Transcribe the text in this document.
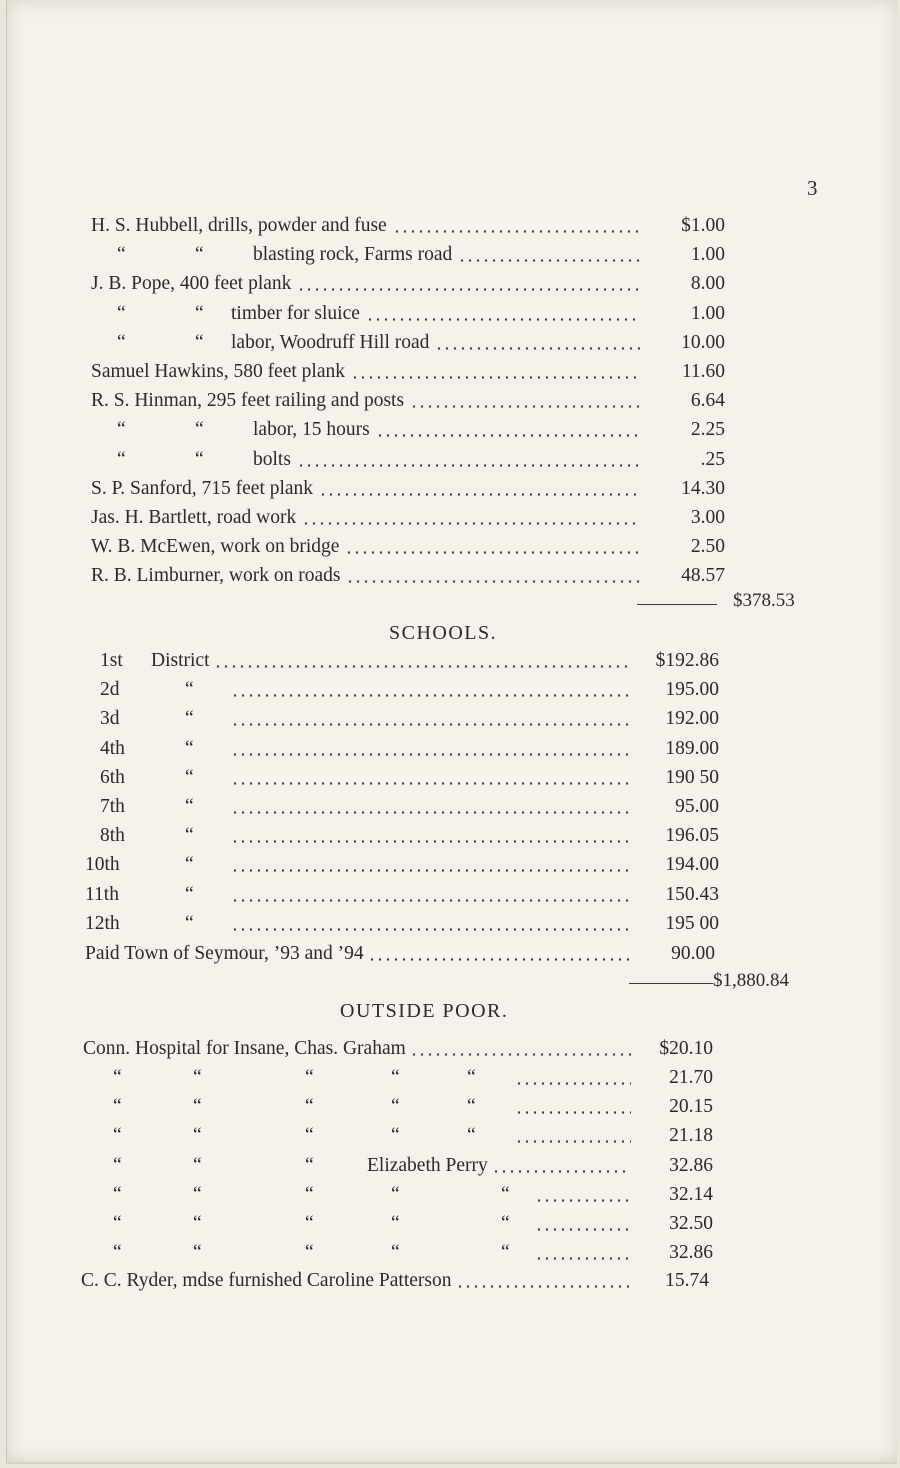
3
H. S. Hubbell, drills, powder and fuse	$1.00
“	“	blasting rock, Farms road	1.00
J. B. Pope, 400 feet plank	8.00
“	“ timber for sluice	1.00
“	“ labor, Woodruff Hill road	10.00
Samuel Hawkins, 580 feet plank	11.60
R. S. Hinman, 295 feet railing and posts	6.64
“	“	labor, 15 hours	2.25
“	“	bolts	.25
S. P. Sanford, 715 feet plank	14.30
Jas. H. Bartlett, road work	3.00
W. B. McEwen, work on bridge	2.50
R. B. Limburner, work on roads	48.57
$378.53
SCHOOLS.
1st District	$192.86
2d	“	195.00
3d	“	192.00
4th	“	189.00
6th	“	190 50
7th	“	95.00
8th	“	196.05
10th	“	194.00
11th	“	150.43
12th	“	195 00
Paid Town of Seymour, ’93 and ’94	90.00
$1,880.84
OUTSIDE POOR.
Conn. Hospital for Insane, Chas. Graham	$20.10
“	“	“	“	“	21.70
“	“	“	“	“	20.15
“	“	“	“	“	21.18
“	“	“	Elizabeth Perry	32.86
“	“	“	“	“	32.14
“	“	“	“	“	32.50
“	“	“	“	“	32.86
C. C. Ryder, mdse furnished Caroline Patterson	15.74
